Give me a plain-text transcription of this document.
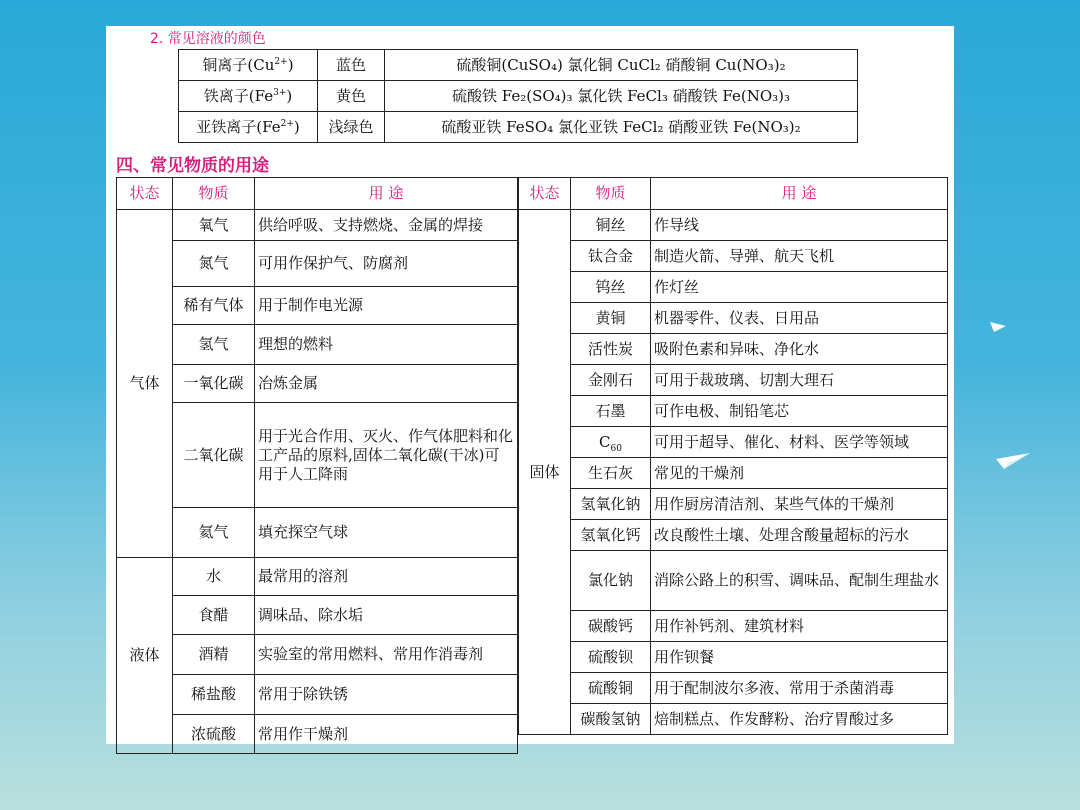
2. 常见溶液的颜色
铜离子$(Cu^{2+})$	蓝色	硫酸铜(CuSO₄) 氯化铜 CuCl₂ 硝酸铜 Cu(NO₃)₂
铁离子$(Fe^{3+})$	黄色	硫酸铁 Fe₂(SO₄)₃ 氯化铁 FeCl₃ 硝酸铁 Fe(NO₃)₃
亚铁离子$(Fe^{2+})$	浅绿色	硫酸亚铁 FeSO₄ 氯化亚铁 FeCl₂ 硝酸亚铁 Fe(NO₃)₂
四、常见物质的用途
状态	物质	用 途
气体	氧气	供给呼吸、支持燃烧、金属的焊接
	氮气	可用作保护气、防腐剂
	稀有气体	用于制作电光源
	氢气	理想的燃料
	一氧化碳	冶炼金属
	二氧化碳	用于光合作用、灭火、作气体肥料和化工产品的原料,固体二氧化碳(干冰)可用于人工降雨
	氦气	填充探空气球
液体	水	最常用的溶剂
	食醋	调味品、除水垢
	酒精	实验室的常用燃料、常用作消毒剂
	稀盐酸	常用于除铁锈
	浓硫酸	常用作干燥剂
状态	物质	用 途
固体	铜丝	作导线
	钛合金	制造火箭、导弹、航天飞机
	钨丝	作灯丝
	黄铜	机器零件、仪表、日用品
	活性炭	吸附色素和异味、净化水
	金刚石	可用于裁玻璃、切割大理石
	石墨	可作电极、制铅笔芯
	$C_{60}$	可用于超导、催化、材料、医学等领域
	生石灰	常见的干燥剂
	氢氧化钠	用作厨房清洁剂、某些气体的干燥剂
	氢氧化钙	改良酸性土壤、处理含酸量超标的污水
	氯化钠	消除公路上的积雪、调味品、配制生理盐水
	碳酸钙	用作补钙剂、建筑材料
	硫酸钡	用作钡餐
	硫酸铜	用于配制波尔多液、常用于杀菌消毒
	碳酸氢钠	焙制糕点、作发酵粉、治疗胃酸过多
